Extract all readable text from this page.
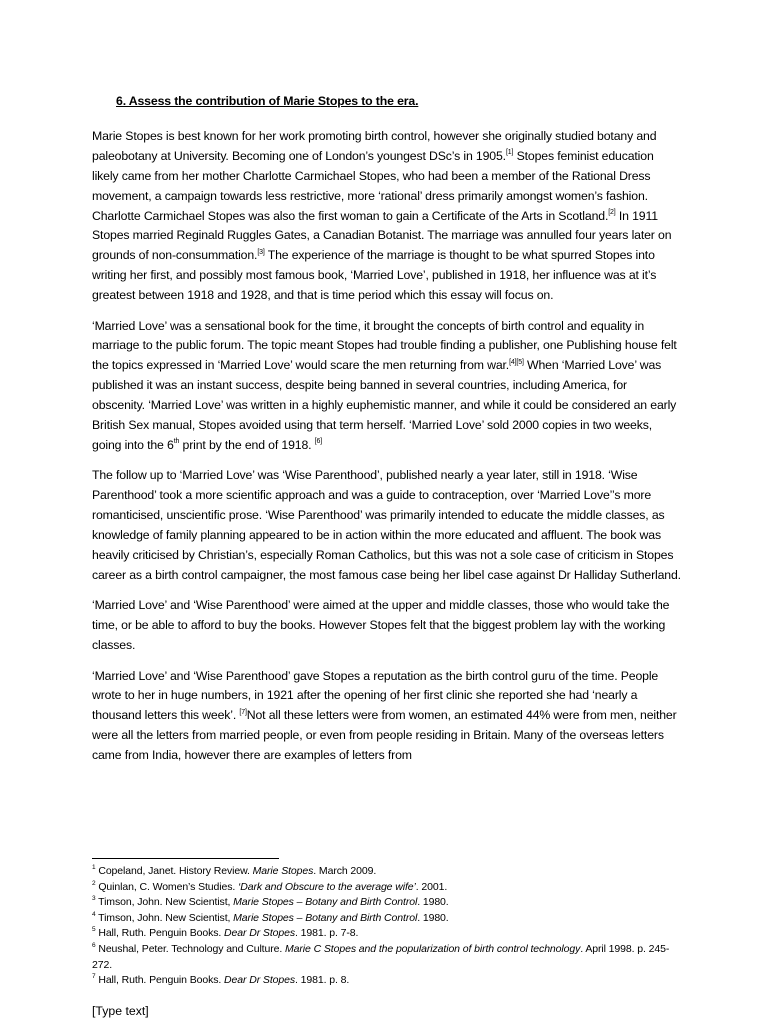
6. Assess the contribution of Marie Stopes to the era.
Marie Stopes is best known for her work promoting birth control, however she originally studied botany and paleobotany at University. Becoming one of London’s youngest DSc’s in 1905.[1] Stopes feminist education likely came from her mother Charlotte Carmichael Stopes, who had been a member of the Rational Dress movement, a campaign towards less restrictive, more ‘rational’ dress primarily amongst women’s fashion. Charlotte Carmichael Stopes was also the first woman to gain a Certificate of the Arts in Scotland.[2] In 1911 Stopes married Reginald Ruggles Gates, a Canadian Botanist. The marriage was annulled four years later on grounds of non-consummation.[3] The experience of the marriage is thought to be what spurred Stopes into writing her first, and possibly most famous book, ‘Married Love’, published in 1918, her influence was at it’s greatest between 1918 and 1928, and that is time period which this essay will focus on.
‘Married Love’ was a sensational book for the time, it brought the concepts of birth control and equality in marriage to the public forum. The topic meant Stopes had trouble finding a publisher, one Publishing house felt the topics expressed in ‘Married Love’ would scare the men returning from war.[4][5] When ‘Married Love’ was published it was an instant success, despite being banned in several countries, including America, for obscenity. ‘Married Love’ was written in a highly euphemistic manner, and while it could be considered an early British Sex manual, Stopes avoided using that term herself. ‘Married Love’ sold 2000 copies in two weeks, going into the 6th print by the end of 1918. [6]
The follow up to ‘Married Love’ was ‘Wise Parenthood’, published nearly a year later, still in 1918. ‘Wise Parenthood’ took a more scientific approach and was a guide to contraception, over ‘Married Love’’s more romanticised, unscientific prose. ‘Wise Parenthood’ was primarily intended to educate the middle classes, as knowledge of family planning appeared to be in action within the more educated and affluent. The book was heavily criticised by Christian’s, especially Roman Catholics, but this was not a sole case of criticism in Stopes career as a birth control campaigner, the most famous case being her libel case against Dr Halliday Sutherland.
‘Married Love’ and ‘Wise Parenthood’ were aimed at the upper and middle classes, those who would take the time, or be able to afford to buy the books. However Stopes felt that the biggest problem lay with the working classes.
‘Married Love’ and ‘Wise Parenthood’ gave Stopes a reputation as the birth control guru of the time. People wrote to her in huge numbers, in 1921 after the opening of her first clinic she reported she had ‘nearly a thousand letters this week’. [7]Not all these letters were from women, an estimated 44% were from men, neither were all the letters from married people, or even from people residing in Britain. Many of the overseas letters came from India, however there are examples of letters from
$^1$ Copeland, Janet. History Review. Marie Stopes. March 2009.
$^2$ Quinlan, C. Women’s Studies. ‘Dark and Obscure to the average wife’. 2001.
$^3$ Timson, John. New Scientist, Marie Stopes – Botany and Birth Control. 1980.
$^4$ Timson, John. New Scientist, Marie Stopes – Botany and Birth Control. 1980.
$^5$ Hall, Ruth. Penguin Books. Dear Dr Stopes. 1981. p. 7-8.
$^6$ Neushal, Peter. Technology and Culture. Marie C Stopes and the popularization of birth control technology. April 1998. p. 245-272.
$^7$ Hall, Ruth. Penguin Books. Dear Dr Stopes. 1981. p. 8.
[Type text]
